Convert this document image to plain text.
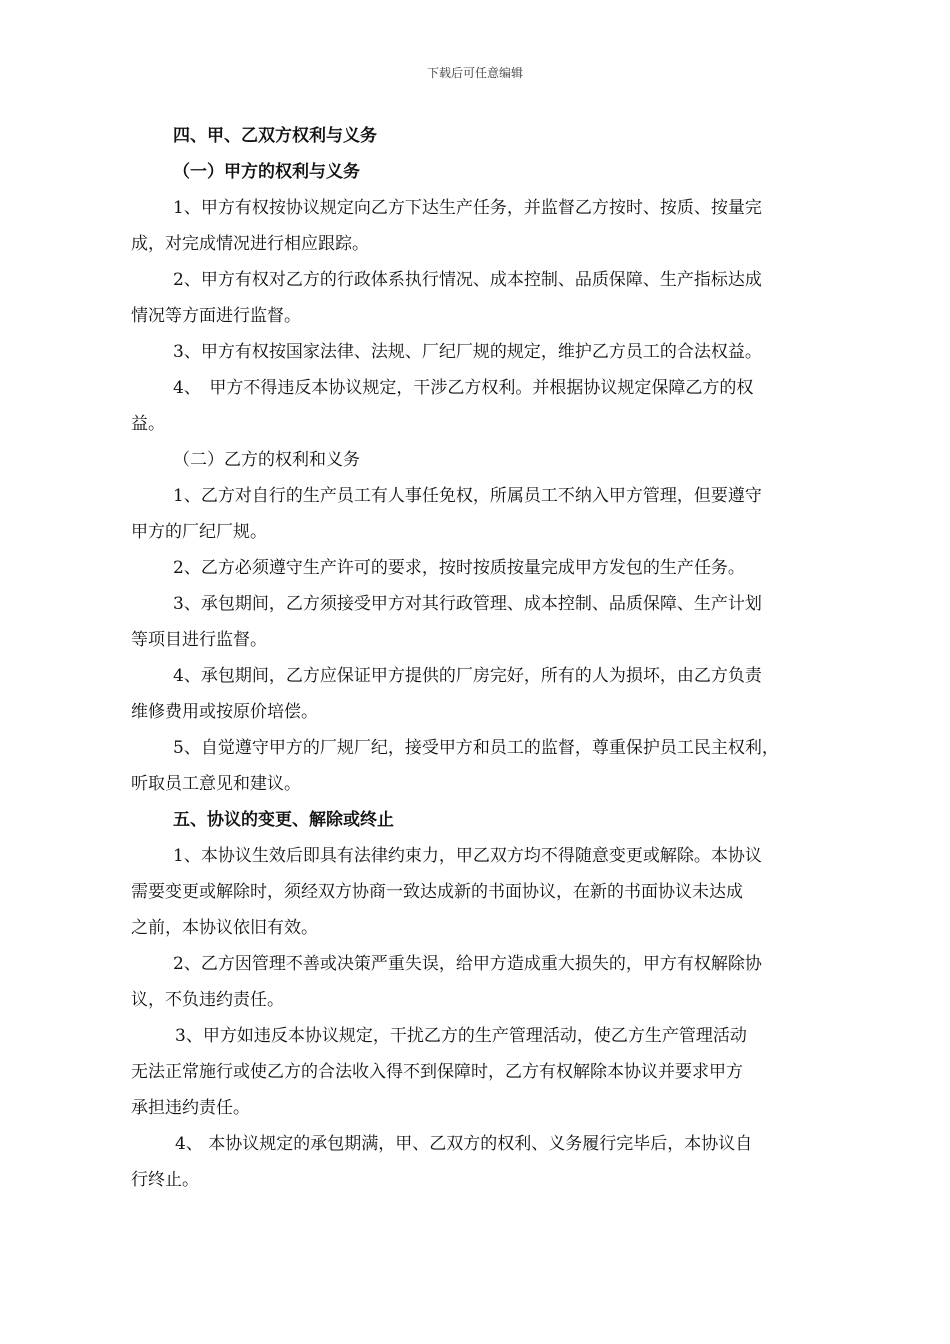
下载后可任意编辑
四、甲、乙双方权利与义务
（一）甲方的权利与义务
1、甲方有权按协议规定向乙方下达生产任务，并监督乙方按时、按质、按量完
成，对完成情况进行相应跟踪。
2、甲方有权对乙方的行政体系执行情况、成本控制、品质保障、生产指标达成
情况等方面进行监督。
3、甲方有权按国家法律、法规、厂纪厂规的规定，维护乙方员工的合法权益。
4、　甲方不得违反本协议规定，干涉乙方权利。并根据协议规定保障乙方的权
益。
（二）乙方的权利和义务
1、乙方对自行的生产员工有人事任免权，所属员工不纳入甲方管理，但要遵守
甲方的厂纪厂规。
2、乙方必须遵守生产许可的要求，按时按质按量完成甲方发包的生产任务。
3、承包期间，乙方须接受甲方对其行政管理、成本控制、品质保障、生产计划
等项目进行监督。
4、承包期间，乙方应保证甲方提供的厂房完好，所有的人为损坏，由乙方负责
维修费用或按原价培偿。
5、自觉遵守甲方的厂规厂纪，接受甲方和员工的监督，尊重保护员工民主权利，
听取员工意见和建议。
五、协议的变更、解除或终止
1、本协议生效后即具有法律约束力，甲乙双方均不得随意变更或解除。本协议
需要变更或解除时，须经双方协商一致达成新的书面协议，在新的书面协议未达成
之前，本协议依旧有效。
2、乙方因管理不善或决策严重失误，给甲方造成重大损失的，甲方有权解除协
议，不负违约责任。
3、甲方如违反本协议规定，干扰乙方的生产管理活动，使乙方生产管理活动
无法正常施行或使乙方的合法收入得不到保障时，乙方有权解除本协议并要求甲方
承担违约责任。
4、 本协议规定的承包期满，甲、乙双方的权利、义务履行完毕后，本协议自
行终止。
